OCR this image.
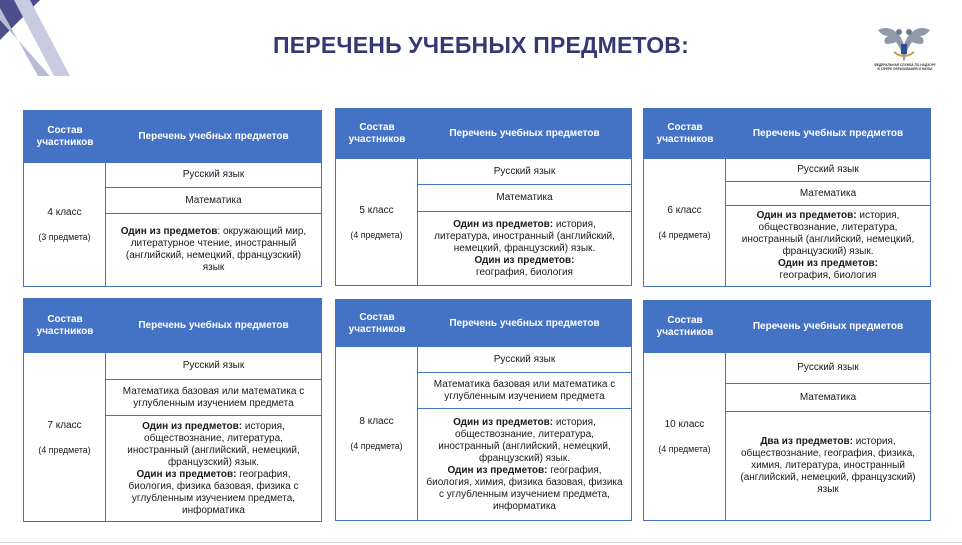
ПЕРЕЧЕНЬ УЧЕБНЫХ ПРЕДМЕТОВ:
ФЕДЕРАЛЬНАЯ СЛУЖБА ПО НАДЗОРУ
В СФЕРЕ ОБРАЗОВАНИЯ И НАУКИ
Состав участников
Перечень учебных предметов
4 класс
(3 предмета)
Русский язык
Математика
Один из предметов: окружающий мир, литературное чтение, иностранный (английский, немецкий, французский) язык
Состав участников
Перечень учебных предметов
5 класс
(4 предмета)
Русский язык
Математика
Один из предметов: история, литература, иностранный (английский, немецкий, французский) язык.
Один из предметов:
география, биология
Состав участников
Перечень учебных предметов
6 класс
(4 предмета)
Русский язык
Математика
Один из предметов: история, обществознание, литература, иностранный (английский, немецкий, французский) язык.
Один из предметов:
география, биология
Состав участников
Перечень учебных предметов
7 класс
(4 предмета)
Русский язык
Математика базовая или математика с углубленным изучением предмета
Один из предметов: история, обществознание, литература, иностранный (английский, немецкий, французский) язык.
Один из предметов: география, биология, физика базовая, физика с углубленным изучением предмета, информатика
Состав участников
Перечень учебных предметов
8 класс
(4 предмета)
Русский язык
Математика базовая или математика с углубленным изучением предмета
Один из предметов: история, обществознание, литература, иностранный (английский, немецкий, французский) язык.
Один из предметов: география, биология, химия, физика базовая, физика с углубленным изучением предмета, информатика
Состав участников
Перечень учебных предметов
10 класс
(4 предмета)
Русский язык
Математика
Два из предметов: история, обществознание, география, физика, химия, литература, иностранный (английский, немецкий, французский) язык
